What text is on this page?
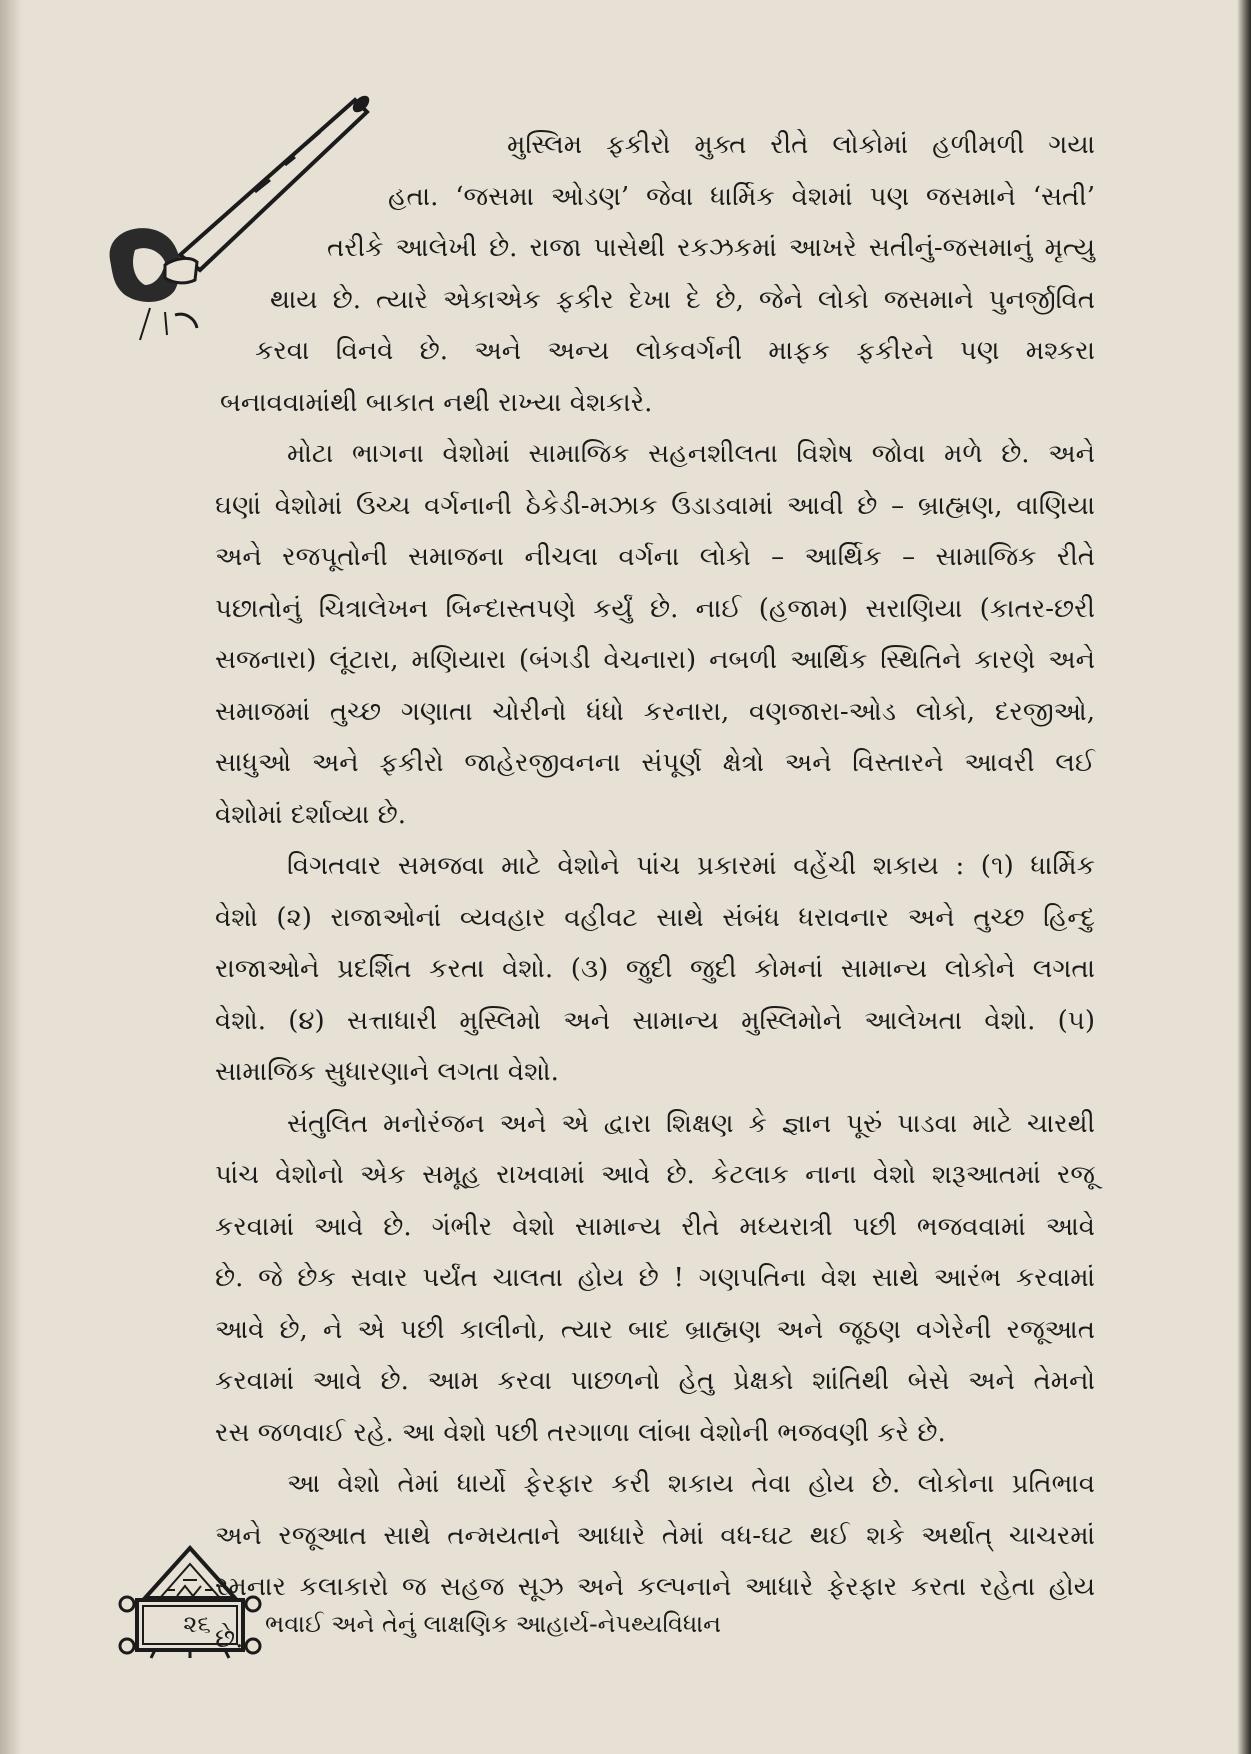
મુસ્લિમ ફકીરો મુક્ત રીતે લોકોમાં હળીમળી ગયા
હતા. ‘જસમા ઓડણ’ જેવા ધાર્મિક વેશમાં પણ જસમાને ‘સતી’
તરીકે આલેખી છે. રાજા પાસેથી રકઝકમાં આખરે સતીનું-જસમાનું મૃત્યુ
થાય છે. ત્યારે એકાએક ફકીર દેખા દે છે, જેને લોકો જસમાને પુનર્જીવિત
કરવા વિનવે છે. અને અન્ય લોકવર્ગની માફક ફકીરને પણ મશ્કરા
બનાવવામાંથી બાકાત નથી રાખ્યા વેશકારે.
મોટા ભાગના વેશોમાં સામાજિક સહનશીલતા વિશેષ જોવા મળે છે. અને
ઘણાં વેશોમાં ઉચ્ચ વર્ગનાની ઠેકેડી-મઝાક ઉડાડવામાં આવી છે – બ્રાહ્મણ, વાણિયા
અને રજપૂતોની સમાજના નીચલા વર્ગના લોકો – આર્થિક – સામાજિક રીતે
પછાતોનું ચિત્રાલેખન બિન્દાસ્તપણે કર્યું છે. નાઈ (હજામ) સરાણિયા (કાતર-છરી
સજનારા) લૂંટારા, મણિયારા (બંગડી વેચનારા) નબળી આર્થિક સ્થિતિને કારણે અને
સમાજમાં તુચ્છ ગણાતા ચોરીનો ધંધો કરનારા, વણજારા-ઓડ લોકો, દરજીઓ,
સાધુઓ અને ફકીરો જાહેરજીવનના સંપૂર્ણ ક્ષેત્રો અને વિસ્તારને આવરી લઈ
વેશોમાં દર્શાવ્યા છે.
વિગતવાર સમજવા માટે વેશોને પાંચ પ્રકારમાં વહેંચી શકાય : (૧) ધાર્મિક
વેશો (૨) રાજાઓનાં વ્યવહાર વહીવટ સાથે સંબંધ ધરાવનાર અને તુચ્છ હિન્દુ
રાજાઓને પ્રદર્શિત કરતા વેશો. (૩) જુદી જુદી કોમનાં સામાન્ય લોકોને લગતા
વેશો. (૪) સત્તાધારી મુસ્લિમો અને સામાન્ય મુસ્લિમોને આલેખતા વેશો. (૫)
સામાજિક સુધારણાને લગતા વેશો.
સંતુલિત મનોરંજન અને એ દ્વારા શિક્ષણ કે જ્ઞાન પૂરું પાડવા માટે ચારથી
પાંચ વેશોનો એક સમૂહ રાખવામાં આવે છે. કેટલાક નાના વેશો શરૂઆતમાં રજૂ
કરવામાં આવે છે. ગંભીર વેશો સામાન્ય રીતે મધ્યરાત્રી પછી ભજવવામાં આવે
છે. જે છેક સવાર પર્યંત ચાલતા હોય છે ! ગણપતિના વેશ સાથે આરંભ કરવામાં
આવે છે, ને એ પછી કાલીનો, ત્યાર બાદ બ્રાહ્મણ અને જૂઠણ વગેરેની રજૂઆત
કરવામાં આવે છે. આમ કરવા પાછળનો હેતુ પ્રેક્ષકો શાંતિથી બેસે અને તેમનો
રસ જળવાઈ રહે. આ વેશો પછી તરગાળા લાંબા વેશોની ભજવણી કરે છે.
આ વેશો તેમાં ધાર્યો ફેરફાર કરી શકાય તેવા હોય છે. લોકોના પ્રતિભાવ
અને રજૂઆત સાથે તન્મયતાને આધારે તેમાં વધ-ઘટ થઈ શકે અર્થાત્ ચાચરમાં
રમનાર કલાકારો જ સહજ સૂઝ અને કલ્પનાને આધારે ફેરફાર કરતા રહેતા હોય
છે.
૨૬	ભવાઈ અને તેનું લાક્ષણિક આહાર્ય-નેપથ્યવિધાન
